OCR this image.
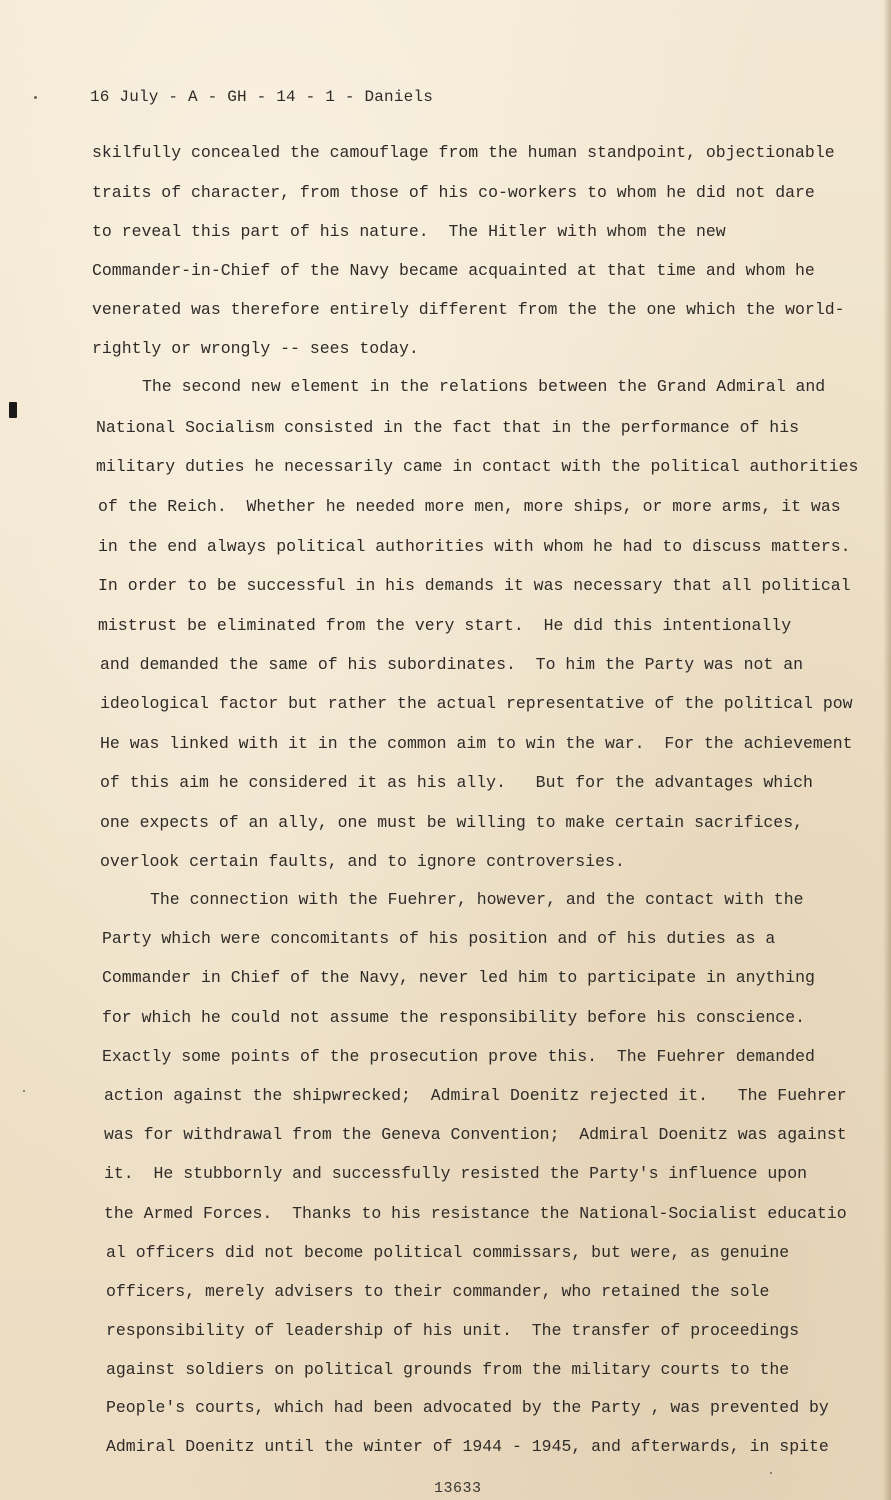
16 July - A - GH - 14 - 1 - Daniels
skilfully concealed the camouflage from the human standpoint, objectionable
traits of character, from those of his co-workers to whom he did not dare
to reveal this part of his nature.  The Hitler with whom the new
Commander-in-Chief of the Navy became acquainted at that time and whom he
venerated was therefore entirely different from the the one which the world-
rightly or wrongly -- sees today.
The second new element in the relations between the Grand Admiral and
National Socialism consisted in the fact that in the performance of his
military duties he necessarily came in contact with the political authorities
of the Reich.  Whether he needed more men, more ships, or more arms, it was
in the end always political authorities with whom he had to discuss matters.
In order to be successful in his demands it was necessary that all political
mistrust be eliminated from the very start.  He did this intentionally
and demanded the same of his subordinates.  To him the Party was not an
ideological factor but rather the actual representative of the political pow
He was linked with it in the common aim to win the war.  For the achievement
of this aim he considered it as his ally.   But for the advantages which
one expects of an ally, one must be willing to make certain sacrifices,
overlook certain faults, and to ignore controversies.
The connection with the Fuehrer, however, and the contact with the
Party which were concomitants of his position and of his duties as a
Commander in Chief of the Navy, never led him to participate in anything
for which he could not assume the responsibility before his conscience.
Exactly some points of the prosecution prove this.  The Fuehrer demanded
action against the shipwrecked;  Admiral Doenitz rejected it.   The Fuehrer
was for withdrawal from the Geneva Convention;  Admiral Doenitz was against
it.  He stubbornly and successfully resisted the Party's influence upon
the Armed Forces.  Thanks to his resistance the National-Socialist educatio
al officers did not become political commissars, but were, as genuine
officers, merely advisers to their commander, who retained the sole
responsibility of leadership of his unit.  The transfer of proceedings
against soldiers on political grounds from the military courts to the
People's courts, which had been advocated by the Party , was prevented by
Admiral Doenitz until the winter of 1944 - 1945, and afterwards, in spite
13633
